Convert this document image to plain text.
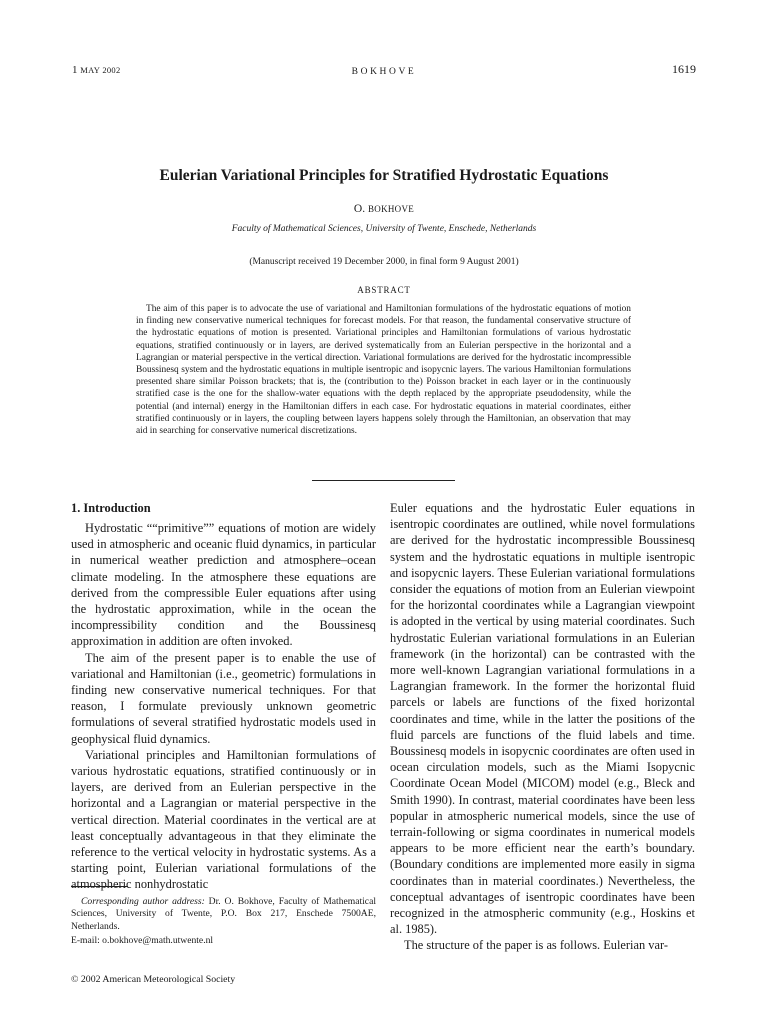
1 MAY 2002	BOKHOVE	1619
Eulerian Variational Principles for Stratified Hydrostatic Equations
O. BOKHOVE
Faculty of Mathematical Sciences, University of Twente, Enschede, Netherlands
(Manuscript received 19 December 2000, in final form 9 August 2001)
ABSTRACT

The aim of this paper is to advocate the use of variational and Hamiltonian formulations of the hydrostatic equations of motion in finding new conservative numerical techniques for forecast models. For that reason, the fundamental conservative structure of the hydrostatic equations of motion is presented. Variational principles and Hamiltonian formulations of various hydrostatic equations, stratified continuously or in layers, are derived systematically from an Eulerian perspective in the horizontal and a Lagrangian or material perspective in the vertical direction. Variational formulations are derived for the hydrostatic incompressible Boussinesq system and the hydrostatic equations in multiple isentropic and isopycnic layers. The various Hamiltonian formulations presented share similar Poisson brackets; that is, the (contribution to the) Poisson bracket in each layer or in the continuously stratified case is the one for the shallow-water equations with the depth replaced by the appropriate pseudodensity, while the potential (and internal) energy in the Hamiltonian differs in each case. For hydrostatic equations in material coordinates, either stratified continuously or in layers, the coupling between layers happens solely through the Hamiltonian, an observation that may aid in searching for conservative numerical discretizations.

1. Introduction

Hydrostatic ““primitive”” equations of motion are widely used in atmospheric and oceanic fluid dynamics, in particular in numerical weather prediction and atmosphere–ocean climate modeling. In the atmosphere these equations are derived from the compressible Euler equations after using the hydrostatic approximation, while in the ocean the incompressibility condition and the Boussinesq approximation in addition are often invoked.

The aim of the present paper is to enable the use of variational and Hamiltonian (i.e., geometric) formulations in finding new conservative numerical techniques. For that reason, I formulate previously unknown geometric formulations of several stratified hydrostatic models used in geophysical fluid dynamics.

Variational principles and Hamiltonian formulations of various hydrostatic equations, stratified continuously or in layers, are derived from an Eulerian perspective in the horizontal and a Lagrangian or material perspective in the vertical direction. Material coordinates in the vertical are at least conceptually advantageous in that they eliminate the reference to the vertical velocity in hydrostatic systems. As a starting point, Eulerian variational formulations of the atmospheric nonhydrostatic

Euler equations and the hydrostatic Euler equations in isentropic coordinates are outlined, while novel formulations are derived for the hydrostatic incompressible Boussinesq system and the hydrostatic equations in multiple isentropic and isopycnic layers. These Eulerian variational formulations consider the equations of motion from an Eulerian viewpoint for the horizontal coordinates while a Lagrangian viewpoint is adopted in the vertical by using material coordinates. Such hydrostatic Eulerian variational formulations in an Eulerian framework (in the horizontal) can be contrasted with the more well-known Lagrangian variational formulations in a Lagrangian framework. In the former the horizontal fluid parcels or labels are functions of the fixed horizontal coordinates and time, while in the latter the positions of the fluid parcels are functions of the fluid labels and time. Boussinesq models in isopycnic coordinates are often used in ocean circulation models, such as the Miami Isopycnic Coordinate Ocean Model (MICOM) model (e.g., Bleck and Smith 1990). In contrast, material coordinates have been less popular in atmospheric numerical models, since the use of terrain-following or sigma coordinates in numerical models appears to be more efficient near the earth’s boundary. (Boundary conditions are implemented more easily in sigma coordinates than in material coordinates.) Nevertheless, the conceptual advantages of isentropic coordinates have been recognized in the atmospheric community (e.g., Hoskins et al. 1985).

The structure of the paper is as follows. Eulerian var-

Corresponding author address: Dr. O. Bokhove, Faculty of Mathematical Sciences, University of Twente, P.O. Box 217, Enschede 7500AE, Netherlands.

E-mail: o.bokhove@math.utwente.nl
© 2002 American Meteorological Society
